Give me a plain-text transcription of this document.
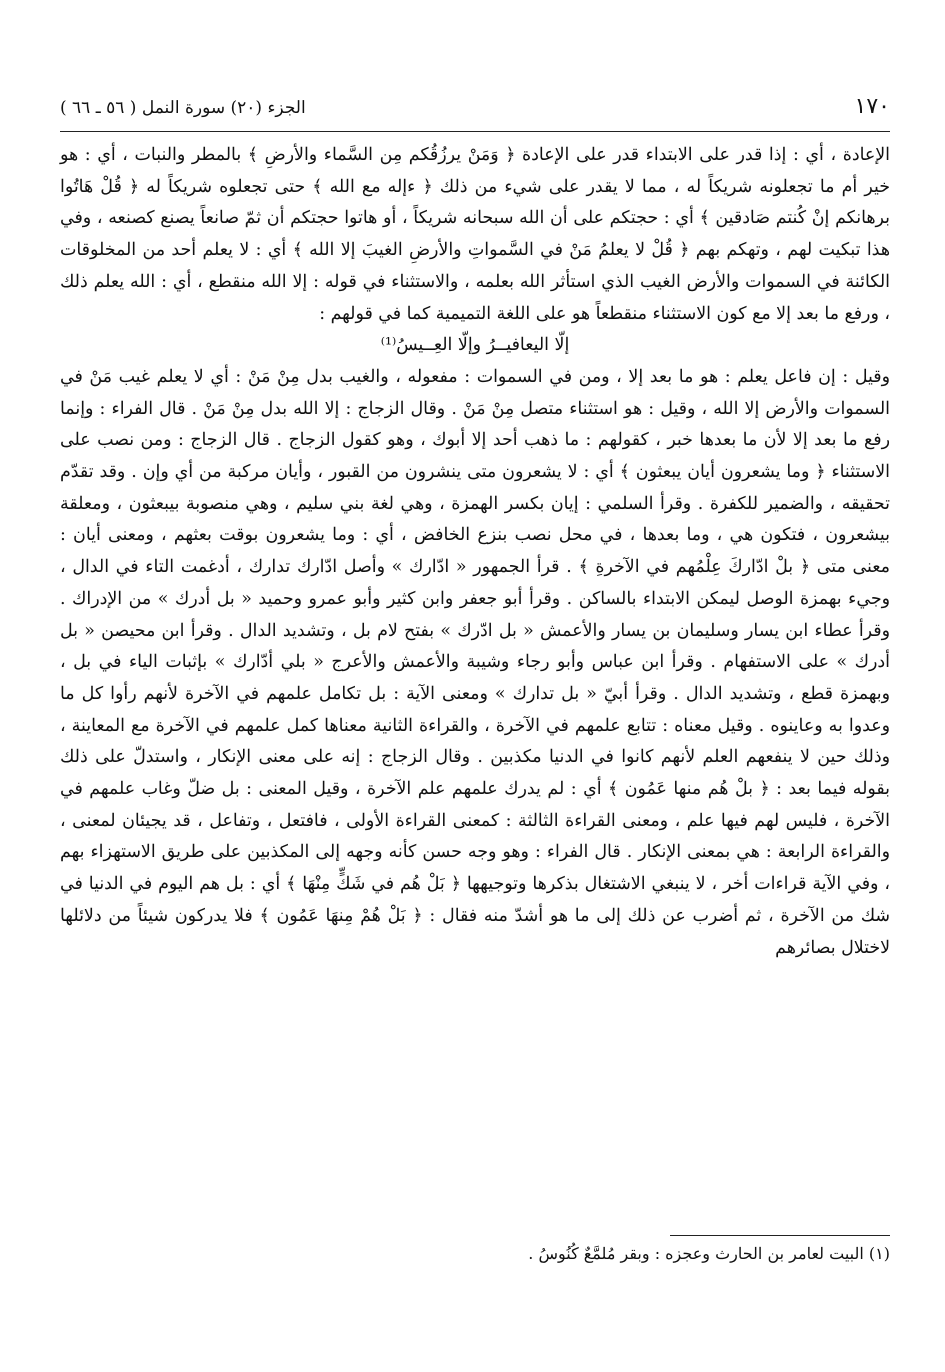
١٧٠
الجزء (٢٠) سورة النمل ( ٥٦ ـ ٦٦ )

الإعادة ، أي : إذا قدر على الابتداء قدر على الإعادة ﴿ وَمَنْ يرزُقُكم مِن السَّماء والأرضِ ﴾ بالمطر والنبات ، أي : هو خير أم ما تجعلونه شريكاً له ، مما لا يقدر على شيء من ذلك ﴿ ءإله مع الله ﴾ حتى تجعلوه شريكاً له ﴿ قُلْ هَاتُوا برهانكم إنْ كُنتم صَادقين ﴾ أي : حجتكم على أن الله سبحانه شريكاً ، أو هاتوا حجتكم أن ثمّ صانعاً يصنع كصنعه ، وفي هذا تبكيت لهم ، وتهكم بهم ﴿ قُلْ لا يعلمُ مَنْ في السَّمواتِ والأرضِ الغيبَ إلا الله ﴾ أي : لا يعلم أحد من المخلوقات الكائنة في السموات والأرض الغيب الذي استأثر الله بعلمه ، والاستثناء في قوله : إلا الله منقطع ، أي : الله يعلم ذلك ، ورفع ما بعد إلا مع كون الاستثناء منقطعاً هو على اللغة التميمية كما في قولهم :

إلّا اليعافيــرُ وإلّا العِــيسُ⁽¹⁾

وقيل : إن فاعل يعلم : هو ما بعد إلا ، ومن في السموات : مفعوله ، والغيب بدل مِنْ مَنْ : أي لا يعلم غيب مَنْ في السموات والأرض إلا الله ، وقيل : هو استثناء متصل مِنْ مَنْ . وقال الزجاج : إلا الله بدل مِنْ مَنْ . قال الفراء : وإنما رفع ما بعد إلا لأن ما بعدها خبر ، كقولهم : ما ذهب أحد إلا أبوك ، وهو كقول الزجاج . قال الزجاج : ومن نصب على الاستثناء ﴿ وما يشعرون أيان يبعثون ﴾ أي : لا يشعرون متى ينشرون من القبور ، وأيان مركبة من أي وإن . وقد تقدّم تحقيقه ، والضمير للكفرة . وقرأ السلمي : إيان بكسر الهمزة ، وهي لغة بني سليم ، وهي منصوبة بيبعثون ، ومعلقة بيشعرون ، فتكون هي ، وما بعدها ، في محل نصب بنزع الخافض ، أي : وما يشعرون بوقت بعثهم ، ومعنى أيان : معنى متى ﴿ بلْ ادّاركَ عِلْمُهم في الآخرةِ ﴾ . قرأ الجمهور « ادّارك » وأصل ادّارك تدارك ، أدغمت التاء في الدال ، وجيء بهمزة الوصل ليمكن الابتداء بالساكن . وقرأ أبو جعفر وابن كثير وأبو عمرو وحميد « بل أدرك » من الإدراك . وقرأ عطاء ابن يسار وسليمان بن يسار والأعمش « بل ادّرك » بفتح لام بل ، وتشديد الدال . وقرأ ابن محيصن « بل أدرك » على الاستفهام . وقرأ ابن عباس وأبو رجاء وشيبة والأعمش والأعرج « بلي أدّارك » بإثبات الياء في بل ، وبهمزة قطع ، وتشديد الدال . وقرأ أبيّ « بل تدارك » ومعنى الآية : بل تكامل علمهم في الآخرة لأنهم رأوا كل ما وعدوا به وعاينوه . وقيل معناه : تتابع علمهم في الآخرة ، والقراءة الثانية معناها كمل علمهم في الآخرة مع المعاينة ، وذلك حين لا ينفعهم العلم لأنهم كانوا في الدنيا مكذبين . وقال الزجاج : إنه على معنى الإنكار ، واستدلّ على ذلك بقوله فيما بعد : ﴿ بلْ هُم منها عَمُون ﴾ أي : لم يدرك علمهم علم الآخرة ، وقيل المعنى : بل ضلّ وغاب علمهم في الآخرة ، فليس لهم فيها علم ، ومعنى القراءة الثالثة : كمعنى القراءة الأولى ، فافتعل ، وتفاعل ، قد يجيئان لمعنى ، والقراءة الرابعة : هي بمعنى الإنكار . قال الفراء : وهو وجه حسن كأنه وجهه إلى المكذبين على طريق الاستهزاء بهم ، وفي الآية قراءات أخر ، لا ينبغي الاشتغال بذكرها وتوجيهها ﴿ بَلْ هُم في شَكٍّ مِنْهَا ﴾ أي : بل هم اليوم في الدنيا في شك من الآخرة ، ثم أضرب عن ذلك إلى ما هو أشدّ منه فقال : ﴿ بَلْ هُمْ مِنهَا عَمُون ﴾ فلا يدركون شيئاً من دلائلها لاختلال بصائرهم

(١) البيت لعامر بن الحارث وعجزه : وبقر مُلمَّعٌ كُنُوسُ .
